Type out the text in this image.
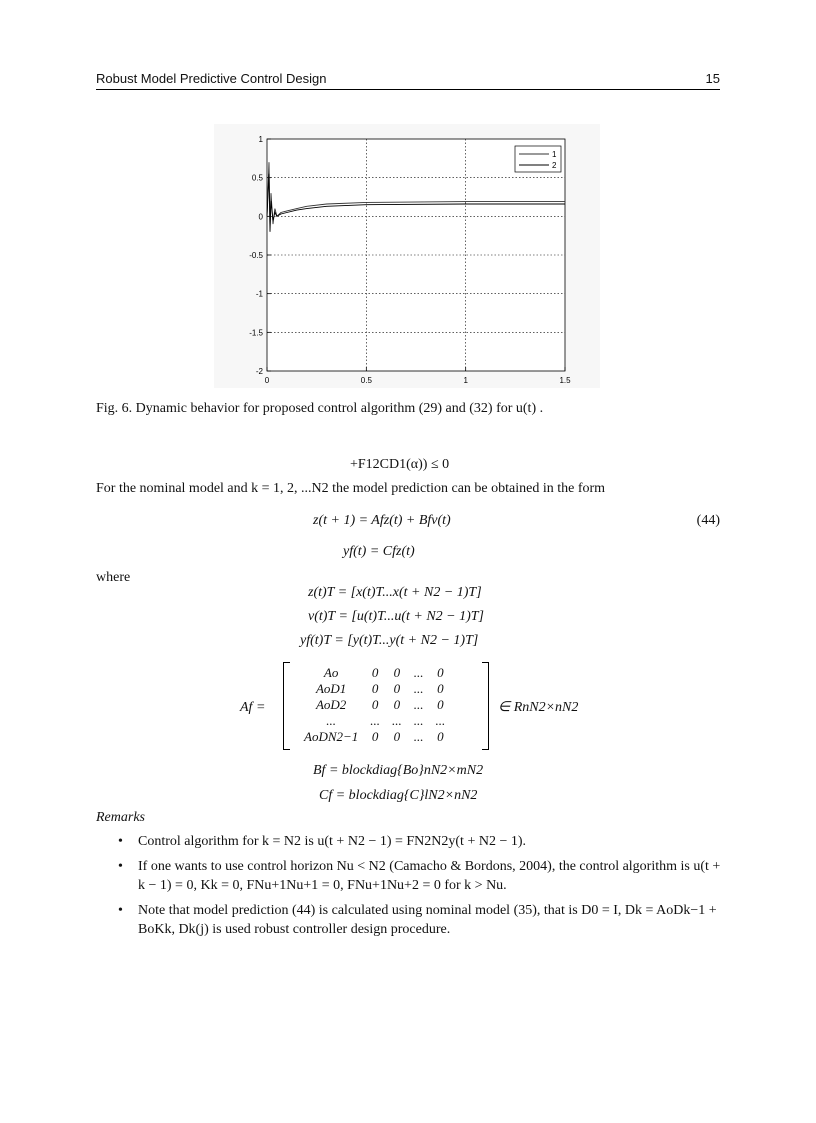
Robust Model Predictive Control Design	15
0	0.5	1	1.5
1
0.5
0
-0.5
-1
-1.5
-2
1
2
Fig. 6. Dynamic behavior for proposed control algorithm (29) and (32) for u(t) .
+F12CD1(α)) ≤ 0
For the nominal model and k = 1, 2, ...N2 the model prediction can be obtained in the form
z(t + 1) = Afz(t) + Bfv(t)	(44)
yf(t) = Cfz(t)
where
z(t)T = [x(t)T...x(t + N2 − 1)T]
v(t)T = [u(t)T...u(t + N2 − 1)T]
yf(t)T = [y(t)T...y(t + N2 − 1)T]
Af =
Ao	0	0	...	0
AoD1	0	0	...	0
AoD2	0	0	...	0
...	...	...	...	...
AoDN2−1	0	0	...	0
∈ RnN2×nN2
Bf = blockdiag{Bo}nN2×mN2
Cf = blockdiag{C}lN2×nN2
Remarks
• Control algorithm for k = N2 is u(t + N2 − 1) = FN2N2y(t + N2 − 1).
• If one wants to use control horizon Nu < N2 (Camacho & Bordons, 2004), the control algorithm is u(t + k − 1) = 0, Kk = 0, FNu+1Nu+1 = 0, FNu+1Nu+2 = 0 for k > Nu.
• Note that model prediction (44) is calculated using nominal model (35), that is D0 = I, Dk = AoDk−1 + BoKk, Dk(j) is used robust controller design procedure.
